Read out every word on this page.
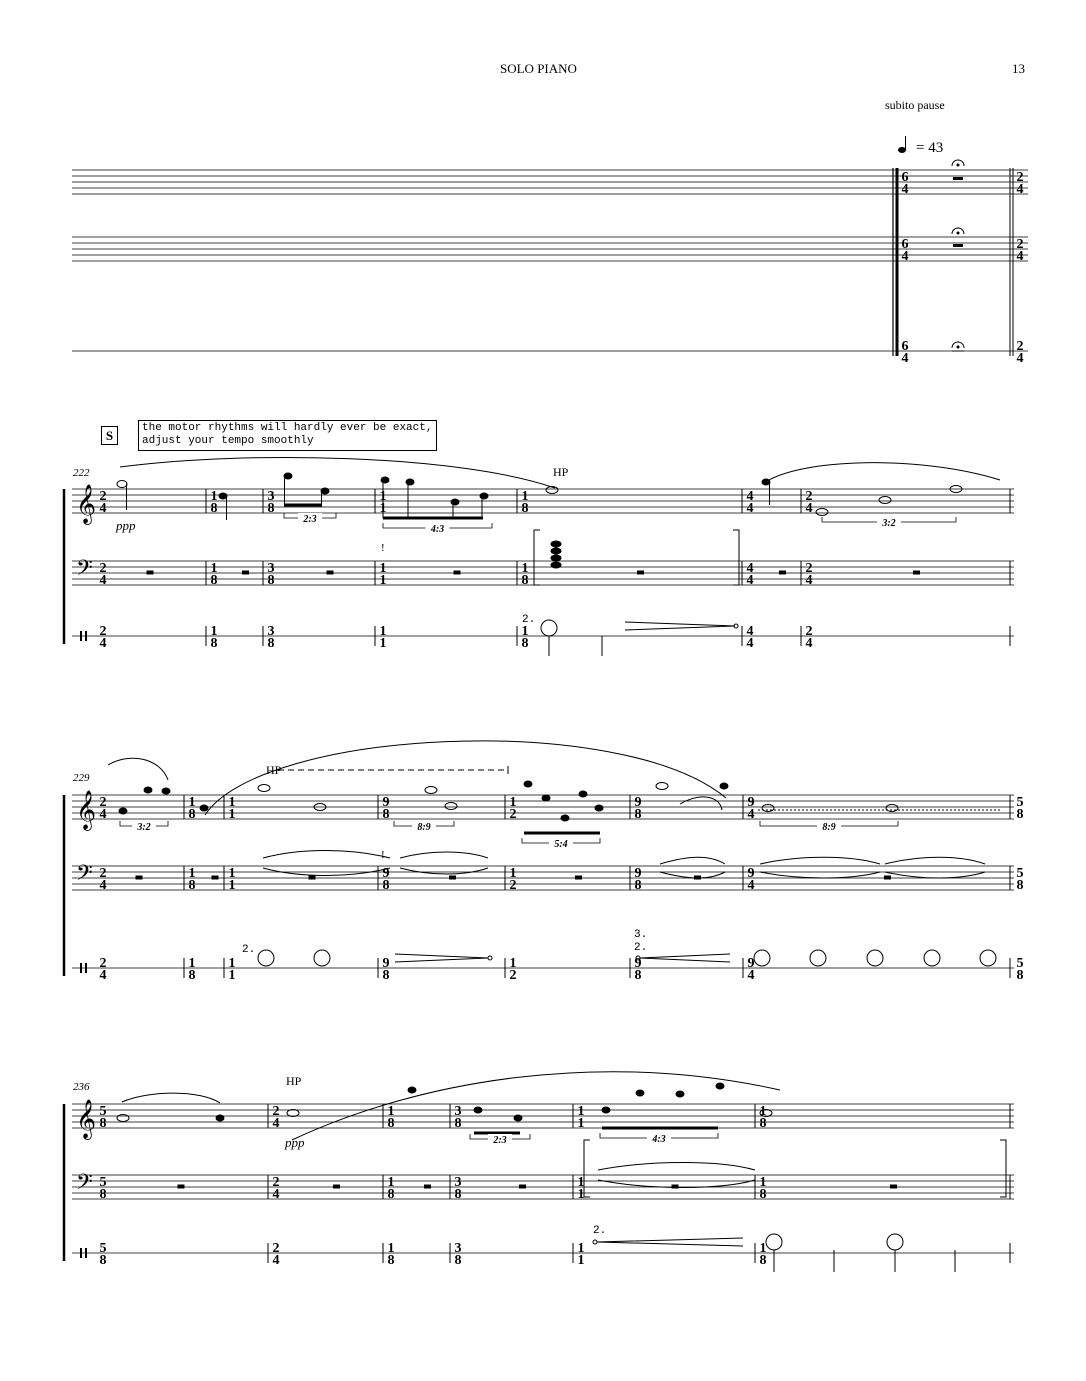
SOLO PIANO	13
subito pause
S	the motor rhythms will hardly ever be exact,
adjust your tempo smoothly
= 43
222
229
236
ppp
ppp
HP
HP
HP
!
!
2.
2.
3.
2.
2.
2:3
4:3
3:2
3:2	8:9
5:4
8:9
2:3	4:3
6
4
6
4
6
4
2
4
2
4
2
4
2
4
2
4
2
4
1
8
1
8
1
8
3
8
3
8
3
8
1
1
1
1
1
1
1
8
1
8
1
8
4
4
4
4
4
4
2
4
2
4
2
4
2
4
2
4
2
4
1
8
1
8
1
8
1
1
1
1
1
1
9
8
9
8
9
8
1
2
1
2
1
2
9
8
9
8
9
8
9
4
9
4
9
4
5
8
5
8
5
8
5
8
5
8
5
8
2
4
2
4
2
4
1
8
1
8
1
8
3
8
3
8
3
8
1
1
1
1
1
1
1
8
1
8
1
8
𝄞
𝄢
𝄞
𝄢
𝄞
𝄢
